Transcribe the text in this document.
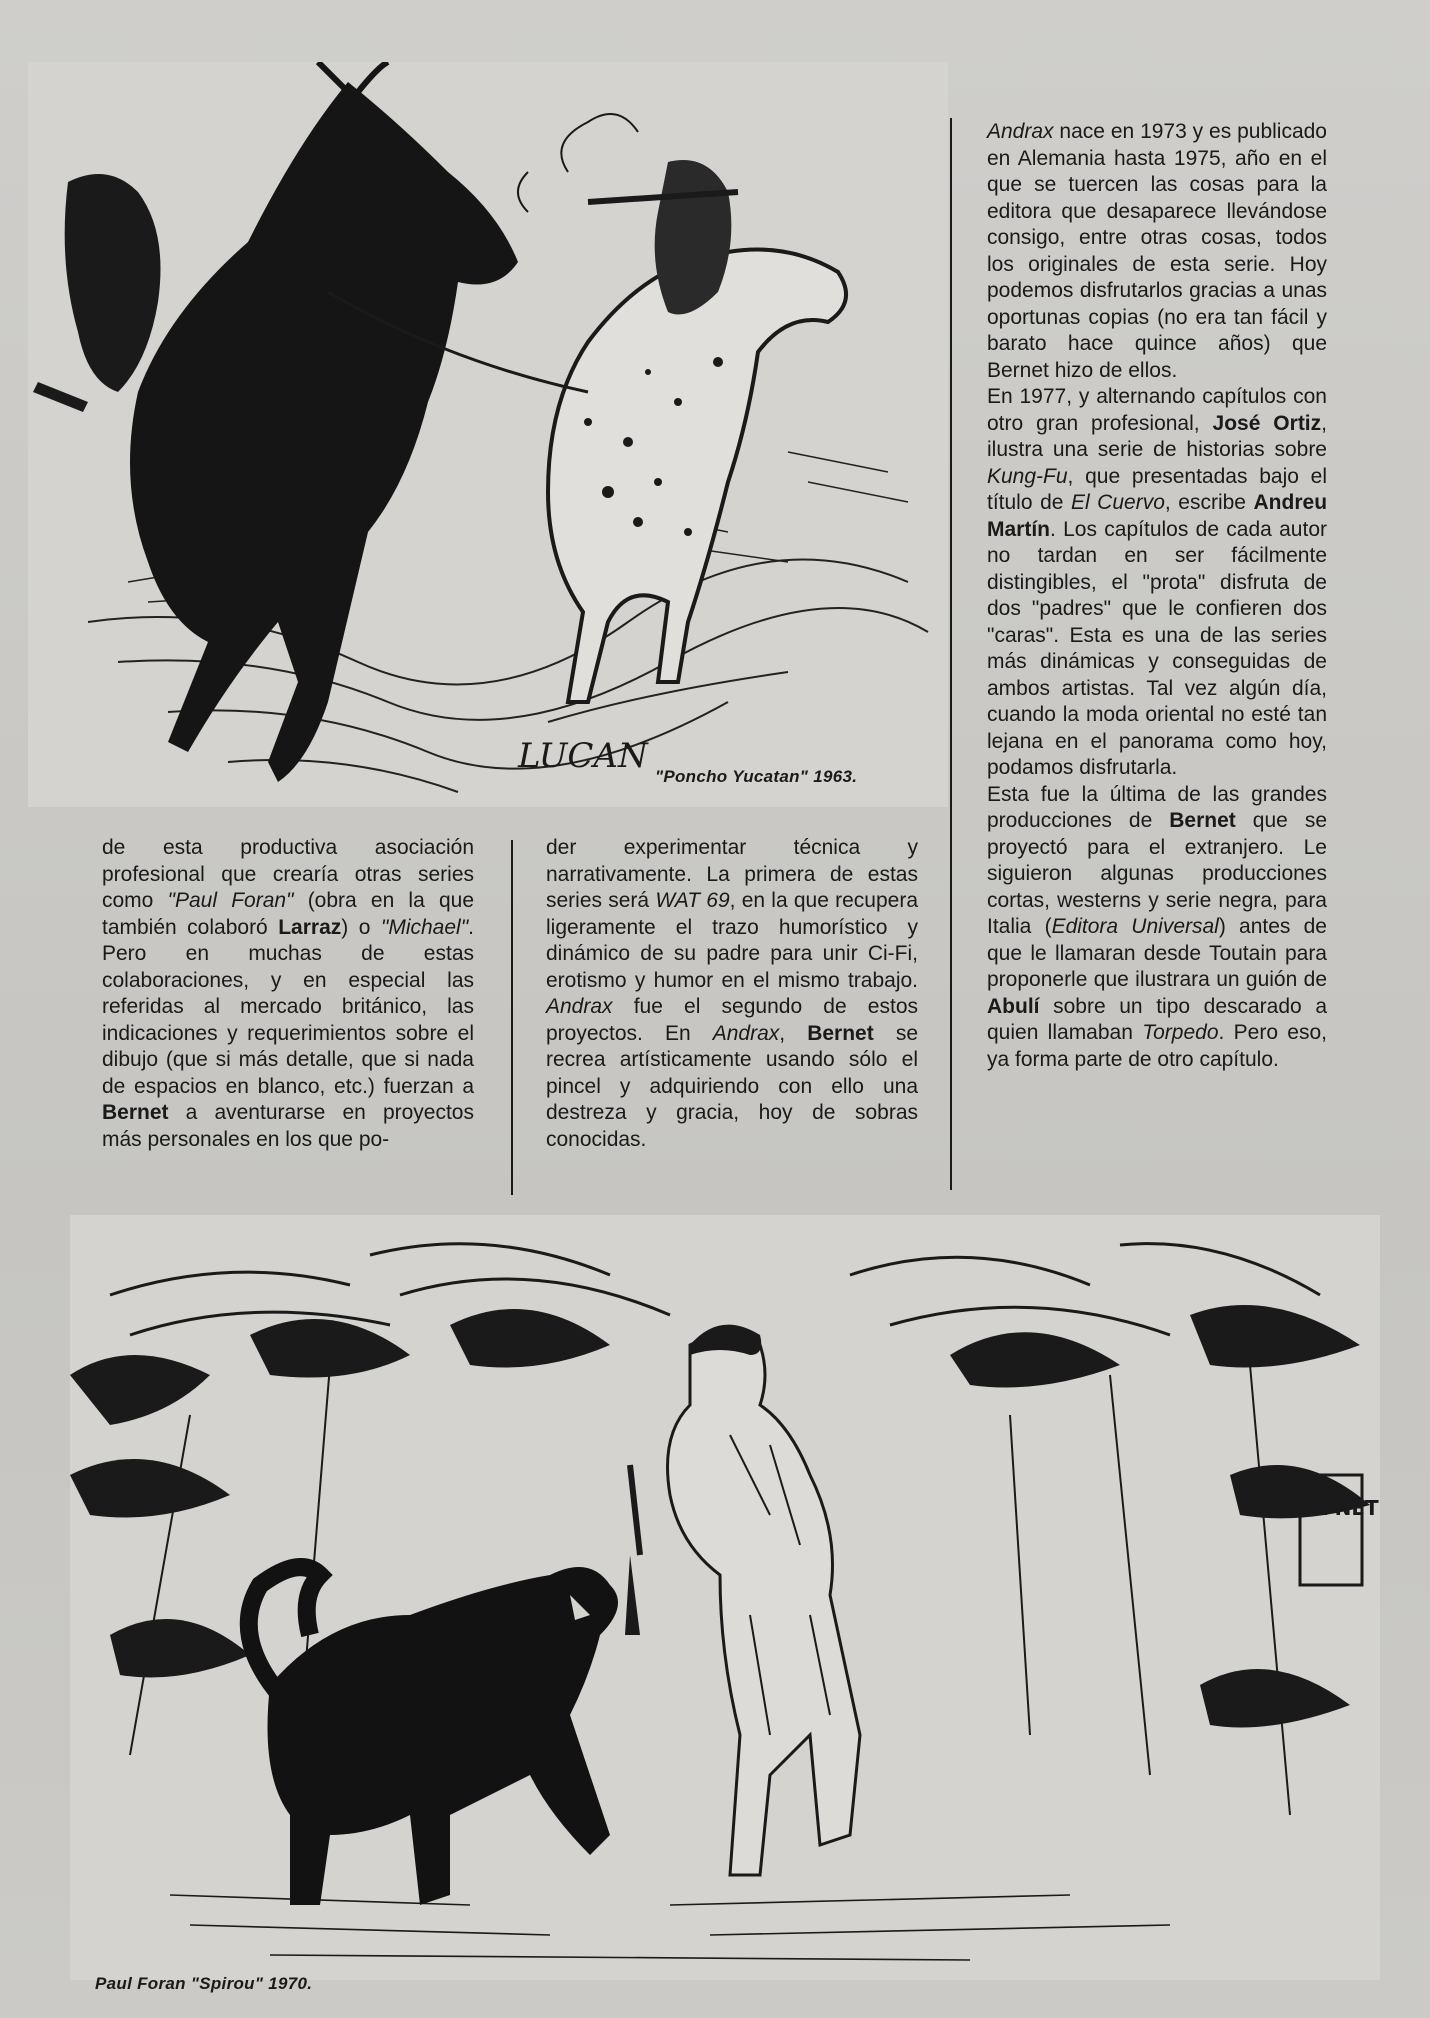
LUCAN
"Poncho Yucatan" 1963.

Andrax nace en 1973 y es publicado en Alemania hasta 1975, año en el que se tuercen las cosas para la editora que desaparece llevándose consigo, entre otras cosas, todos los originales de esta serie. Hoy podemos disfrutarlos gracias a unas oportunas copias (no era tan fácil y barato hace quince años) que Bernet hizo de ellos.

En 1977, y alternando capítulos con otro gran profesional, José Ortiz, ilustra una serie de historias sobre Kung-Fu, que presentadas bajo el título de El Cuervo, escribe Andreu Martín. Los capítulos de cada autor no tardan en ser fácilmente distingibles, el "prota" disfruta de dos "padres" que le confieren dos "caras". Esta es una de las series más dinámicas y conseguidas de ambos artistas. Tal vez algún día, cuando la moda oriental no esté tan lejana en el panorama como hoy, podamos disfrutarla.

Esta fue la última de las grandes producciones de Bernet que se proyectó para el extranjero. Le siguieron algunas producciones cortas, westerns y serie negra, para Italia (Editora Universal) antes de que le llamaran desde Toutain para proponerle que ilustrara un guión de Abulí sobre un tipo descarado a quien llamaban Torpedo. Pero eso, ya forma parte de otro capítulo.

de esta productiva asociación profesional que crearía otras series como "Paul Foran" (obra en la que también colaboró Larraz) o "Michael". Pero en muchas de estas colaboraciones, y en especial las referidas al mercado británico, las indicaciones y requerimientos sobre el dibujo (que si más detalle, que si nada de espacios en blanco, etc.) fuerzan a Bernet a aventurarse en proyectos más personales en los que po-

der experimentar técnica y narrativamente. La primera de estas series será WAT 69, en la que recupera ligeramente el trazo humorístico y dinámico de su padre para unir Ci-Fi, erotismo y humor en el mismo trabajo. Andrax fue el segundo de estos proyectos. En Andrax, Bernet se recrea artísticamente usando sólo el pincel y adquiriendo con ello una destreza y gracia, hoy de sobras conocidas.

BER NET
Paul Foran "Spirou" 1970.
